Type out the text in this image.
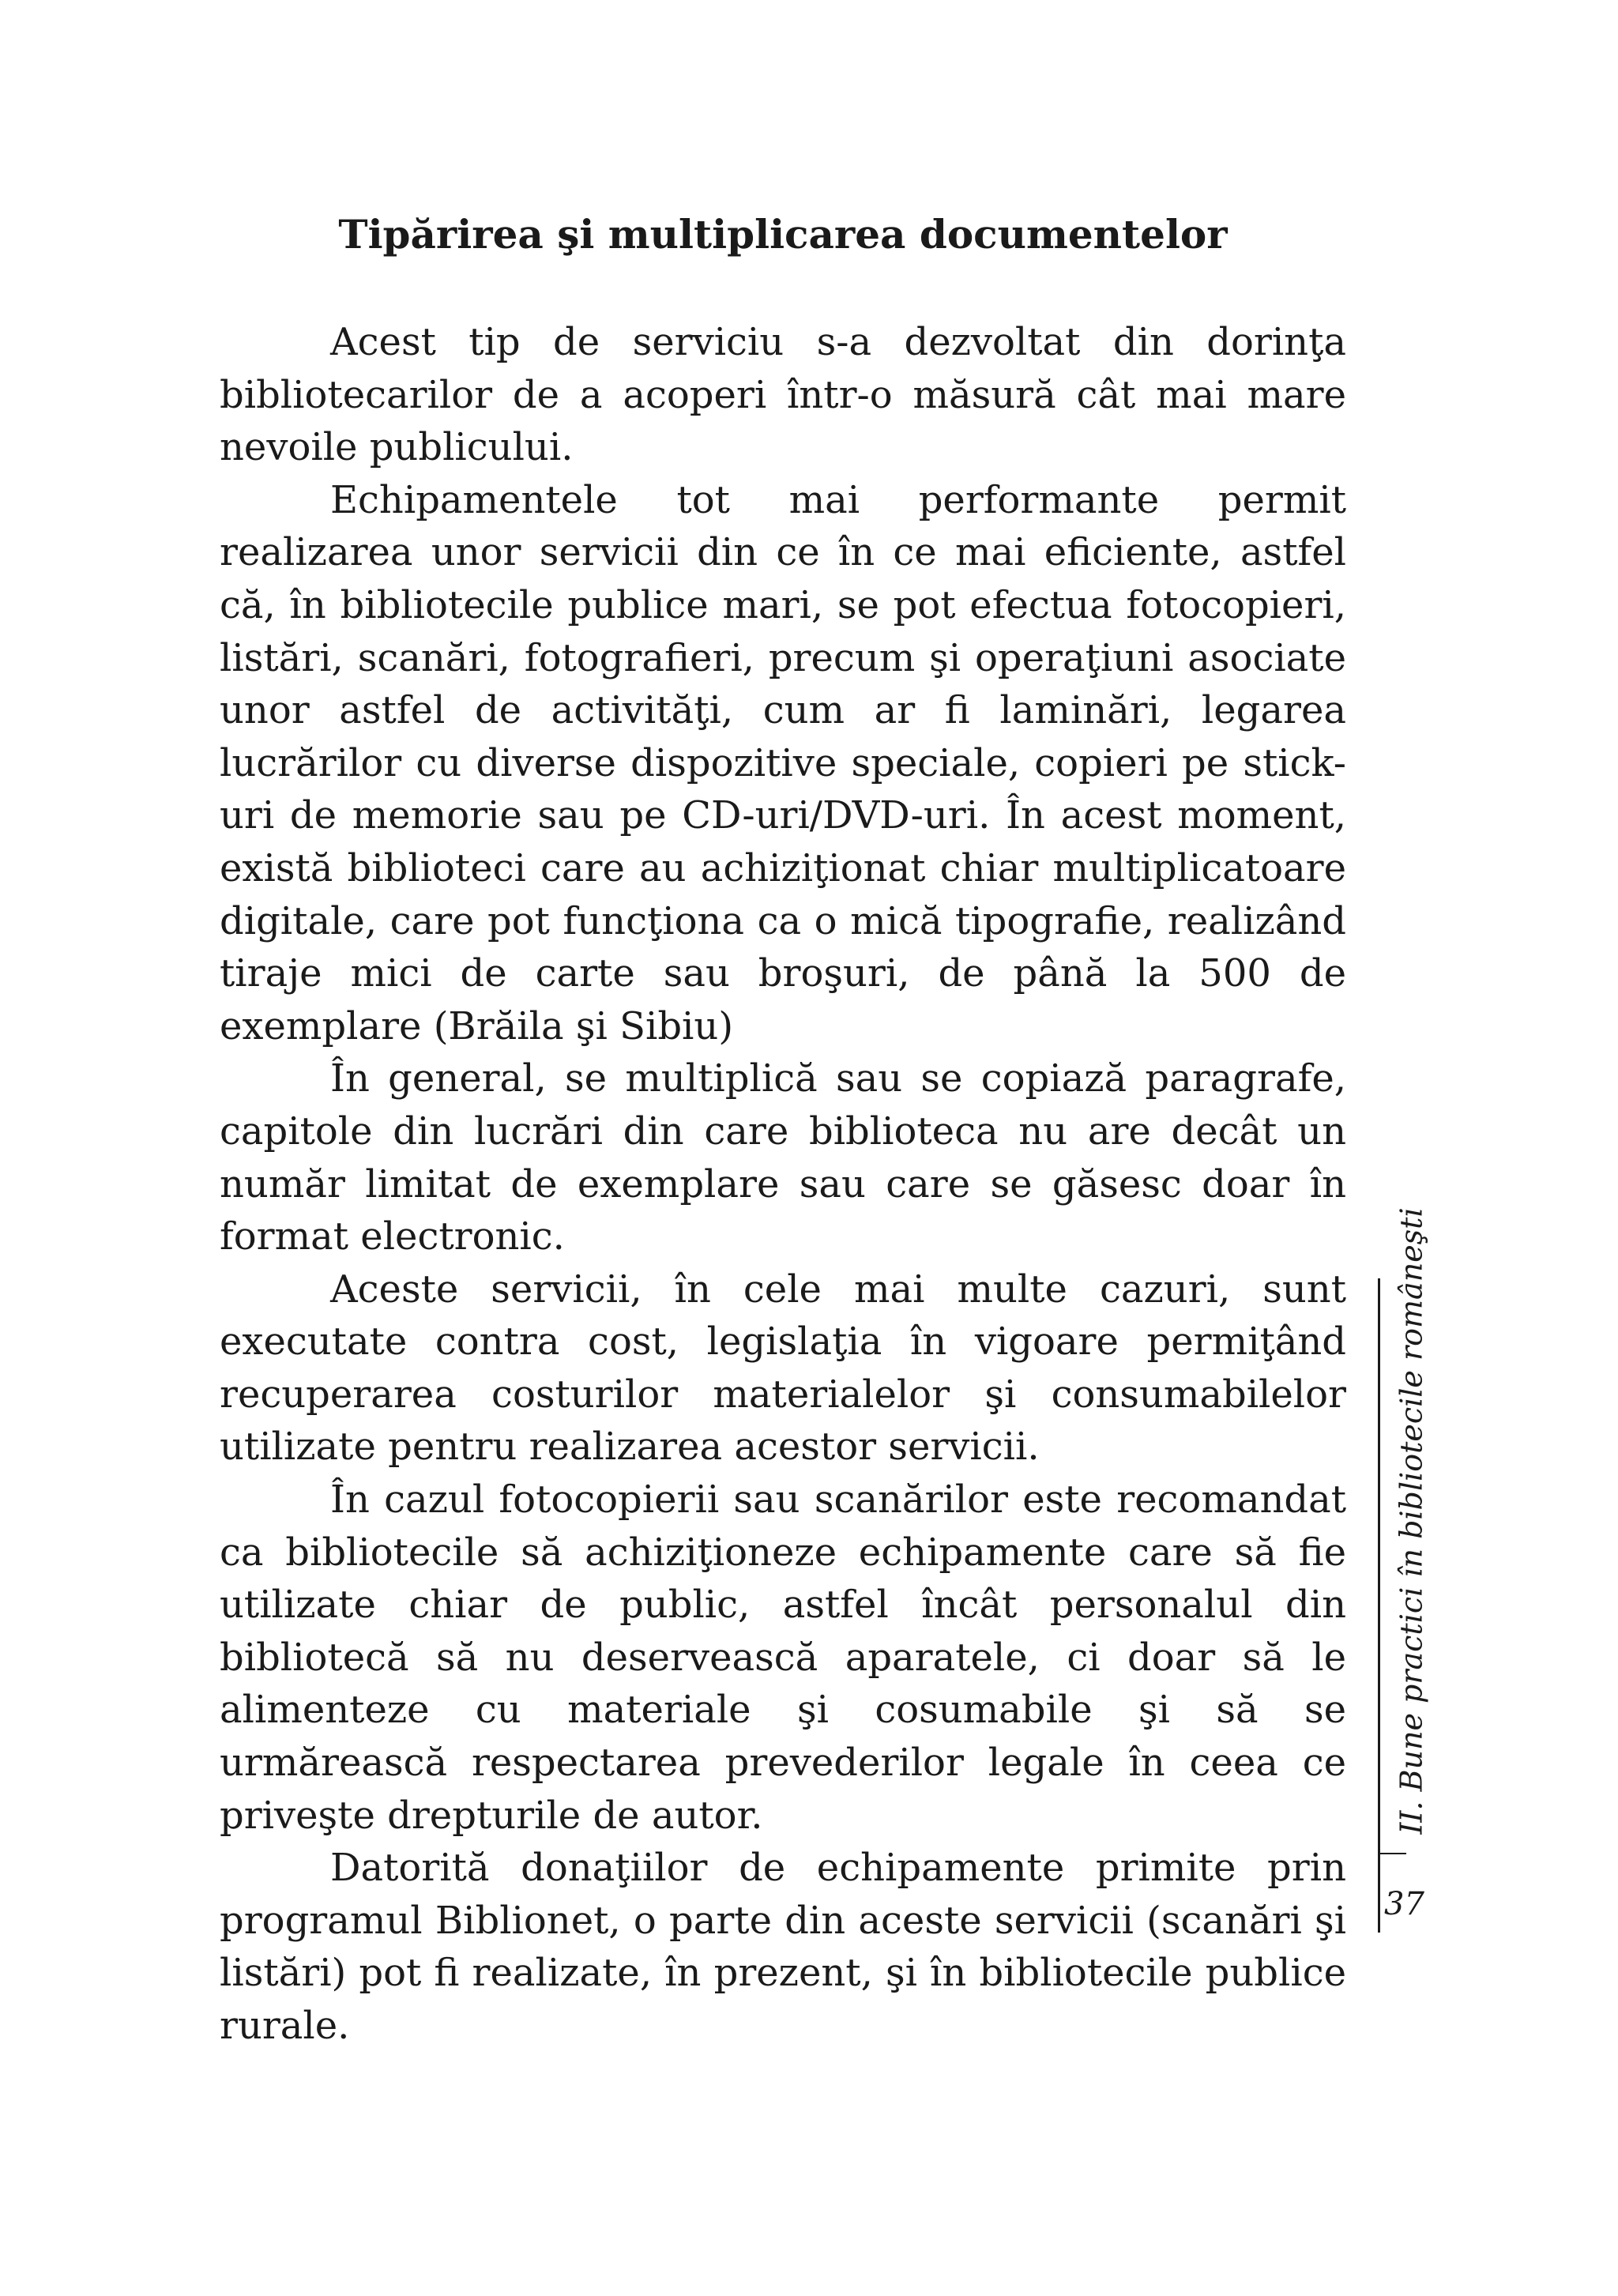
Tipărirea şi multiplicarea documentelor

Acest tip de serviciu s-a dezvoltat din dorinţa bibliotecarilor de a acoperi într-o măsură cât mai mare nevoile publicului.

Echipamentele tot mai performante permit realizarea unor servicii din ce în ce mai eficiente, astfel că, în bibliotecile publice mari, se pot efectua fotocopieri, listări, scanări, fotografieri, precum şi operaţiuni asociate unor astfel de activităţi, cum ar fi laminări, legarea lucrărilor cu diverse dispozitive speciale, copieri pe stick-uri de memorie sau pe CD-uri/DVD-uri. În acest moment, există biblioteci care au achiziţionat chiar multiplicatoare digitale, care pot funcţiona ca o mică tipografie, realizând tiraje mici de carte sau broşuri, de până la 500 de exemplare (Brăila şi Sibiu)

În general, se multiplică sau se copiază paragrafe, capitole din lucrări din care biblioteca nu are decât un număr limitat de exemplare sau care se găsesc doar în format electronic.

Aceste servicii, în cele mai multe cazuri, sunt executate contra cost, legislaţia în vigoare permiţând recuperarea costurilor materialelor şi consumabilelor utilizate pentru realizarea acestor servicii.

În cazul fotocopierii sau scanărilor este recomandat ca bibliotecile să achiziţioneze echipamente care să fie utilizate chiar de public, astfel încât personalul din bibliotecă să nu deservească aparatele, ci doar să le alimenteze cu materiale şi cosumabile şi să se urmărească respectarea prevederilor legale în ceea ce priveşte drepturile de autor.

Datorită donaţiilor de echipamente primite prin programul Biblionet, o parte din aceste servicii (scanări şi listări) pot fi realizate, în prezent, şi în bibliotecile publice rurale.

II. Bune practici în bibliotecile româneşti
37
